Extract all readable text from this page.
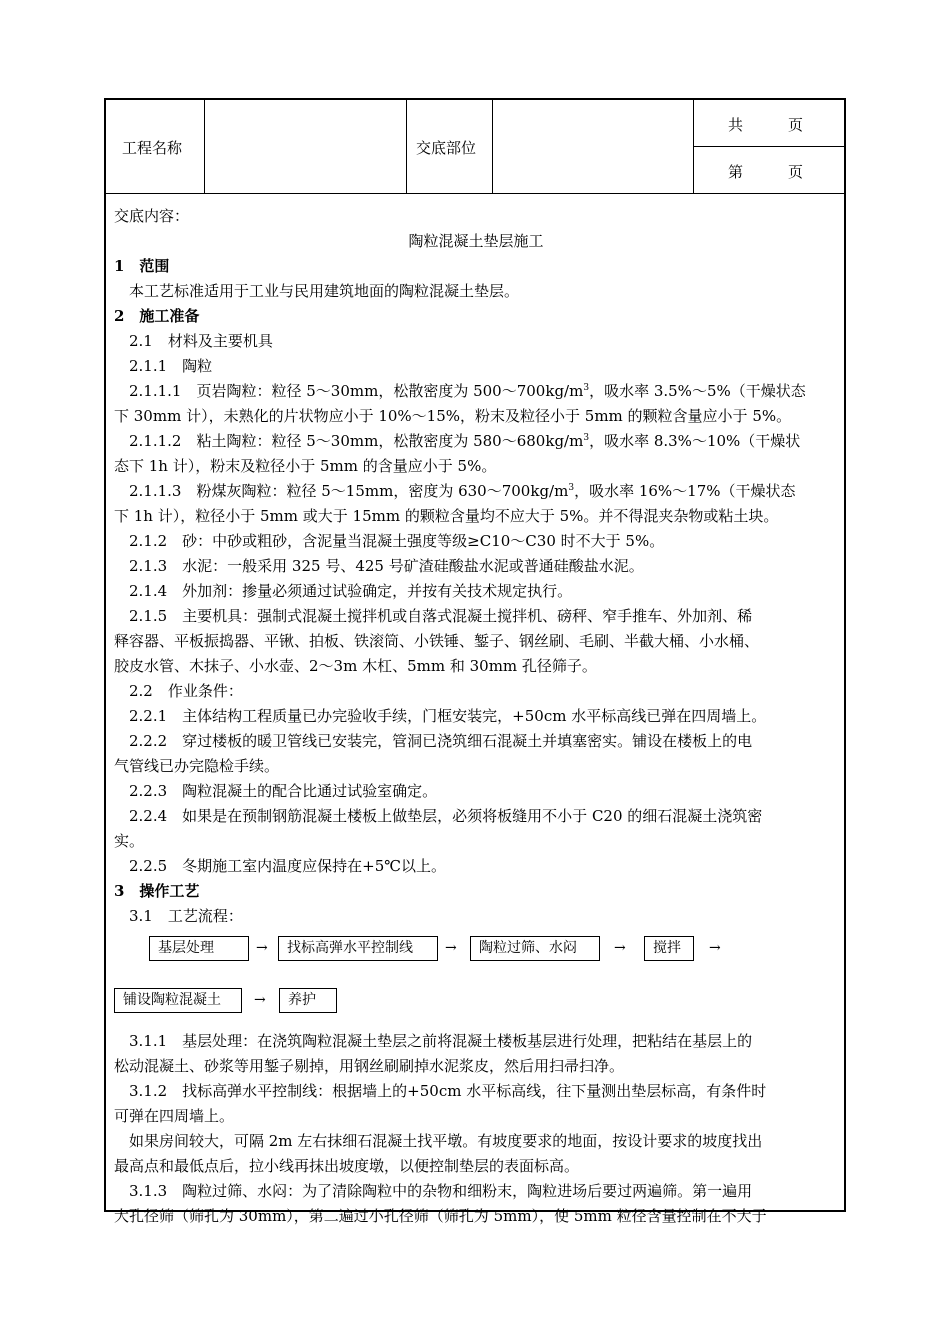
工程名称	交底部位
共　　　页
第　　　页
交底内容：
陶粒混凝土垫层施工
1　范围
本工艺标准适用于工业与民用建筑地面的陶粒混凝土垫层。
2　施工准备
2.1　材料及主要机具
2.1.1　陶粒
2.1.1.1　页岩陶粒：粒径 5～30mm，松散密度为 $500\sim 700kg/m^3$，吸水率 3.5%～5%（干燥状态
下 30mm 计），未熟化的片状物应小于 10%～15%，粉末及粒径小于 5mm 的颗粒含量应小于 5%。
2.1.1.2　粘土陶粒：粒径 5～30mm，松散密度为 $580\sim 680kg/m^3$，吸水率 8.3%～10%（干燥状
态下 1h 计），粉末及粒径小于 5mm 的含量应小于 5%。
2.1.1.3　粉煤灰陶粒：粒径 5～15mm，密度为 $630\sim 700kg/m^3$，吸水率 16%～17%（干燥状态
下 1h 计），粒径小于 5mm 或大于 15mm 的颗粒含量均不应大于 5%。并不得混夹杂物或粘土块。
2.1.2　砂：中砂或粗砂，含泥量当混凝土强度等级≥C10～C30 时不大于 5%。
2.1.3　水泥：一般采用 325 号、425 号矿渣硅酸盐水泥或普通硅酸盐水泥。
2.1.4　外加剂：掺量必须通过试验确定，并按有关技术规定执行。
2.1.5　主要机具：强制式混凝土搅拌机或自落式混凝土搅拌机、磅秤、窄手推车、外加剂、稀
释容器、平板振捣器、平锹、拍板、铁滚筒、小铁锤、錾子、钢丝刷、毛刷、半截大桶、小水桶、
胶皮水管、木抹子、小水壶、2～3m 木杠、5mm 和 30mm 孔径筛子。
2.2　作业条件：
2.2.1　主体结构工程质量已办完验收手续，门框安装完，+50cm 水平标高线已弹在四周墙上。
2.2.2　穿过楼板的暖卫管线已安装完，管洞已浇筑细石混凝土并填塞密实。铺设在楼板上的电
气管线已办完隐检手续。
2.2.3　陶粒混凝土的配合比通过试验室确定。
2.2.4　如果是在预制钢筋混凝土楼板上做垫层，必须将板缝用不小于 C20 的细石混凝土浇筑密
实。
2.2.5　冬期施工室内温度应保持在+5℃以上。
3　操作工艺
3.1　工艺流程：
基层处理	→	找标高弹水平控制线	→	陶粒过筛、水闷	→	搅拌	→
铺设陶粒混凝土	→	养护
3.1.1　基层处理：在浇筑陶粒混凝土垫层之前将混凝土楼板基层进行处理，把粘结在基层上的
松动混凝土、砂浆等用錾子剔掉，用钢丝刷刷掉水泥浆皮，然后用扫帚扫净。
3.1.2　找标高弹水平控制线：根据墙上的+50cm 水平标高线，往下量测出垫层标高，有条件时
可弹在四周墙上。
如果房间较大，可隔 2m 左右抹细石混凝土找平墩。有坡度要求的地面，按设计要求的坡度找出
最高点和最低点后，拉小线再抹出坡度墩，以便控制垫层的表面标高。
3.1.3　陶粒过筛、水闷：为了清除陶粒中的杂物和细粉末，陶粒进场后要过两遍筛。第一遍用
大孔径筛（筛孔为 30mm），第二遍过小孔径筛（筛孔为 5mm），使 5mm 粒径含量控制在不大于
